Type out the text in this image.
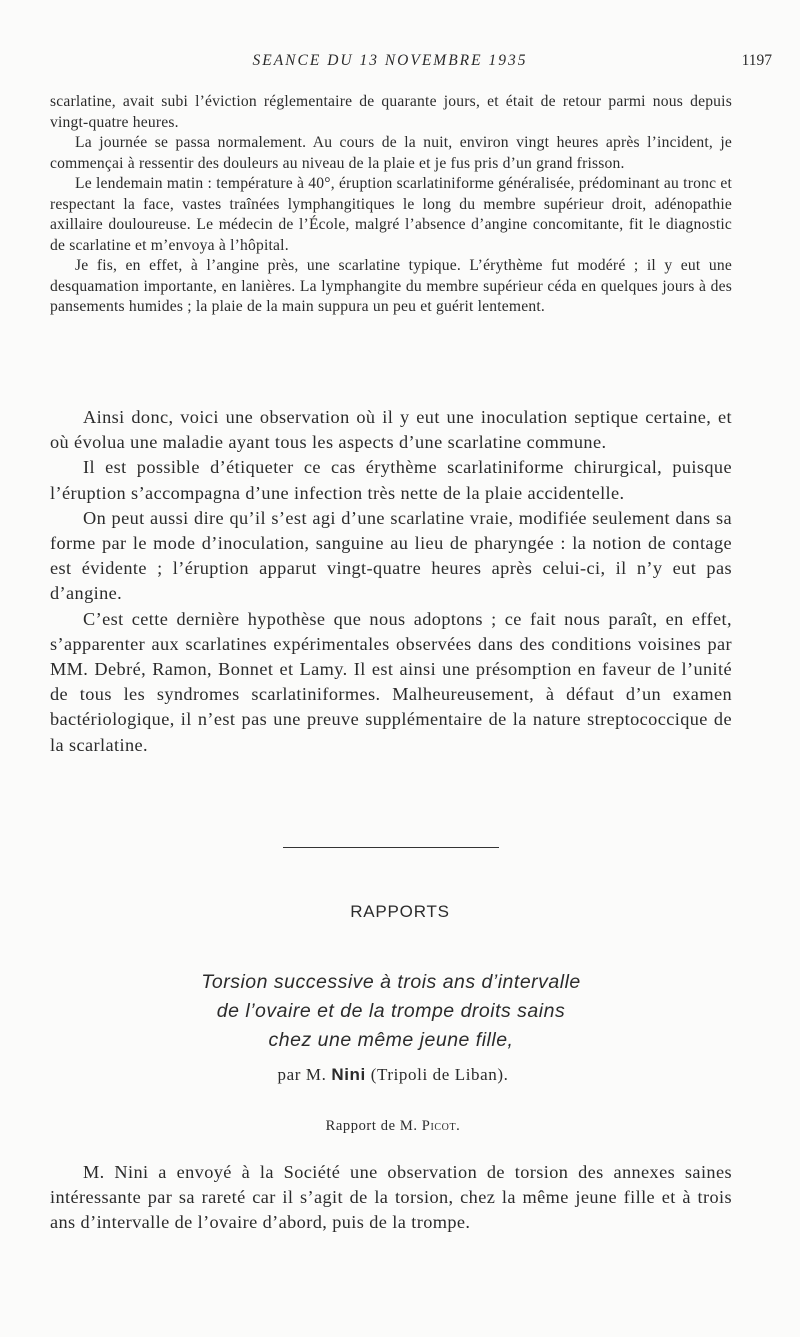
SEANCE DU 13 NOVEMBRE 1935	1197

scarlatine, avait subi l’éviction réglementaire de quarante jours, et était de retour parmi nous depuis vingt-quatre heures.

La journée se passa normalement. Au cours de la nuit, environ vingt heures après l’incident, je commençai à ressentir des douleurs au niveau de la plaie et je fus pris d’un grand frisson.

Le lendemain matin : température à 40°, éruption scarlatiniforme généralisée, prédominant au tronc et respectant la face, vastes traînées lymphangitiques le long du membre supérieur droit, adénopathie axillaire douloureuse. Le médecin de l’École, malgré l’absence d’angine concomitante, fit le diagnostic de scarlatine et m’envoya à l’hôpital.

Je fis, en effet, à l’angine près, une scarlatine typique. L’érythème fut modéré ; il y eut une desquamation importante, en lanières. La lymphangite du membre supérieur céda en quelques jours à des pansements humides ; la plaie de la main suppura un peu et guérit lentement.

Ainsi donc, voici une observation où il y eut une inoculation septique certaine, et où évolua une maladie ayant tous les aspects d’une scarlatine commune.

Il est possible d’étiqueter ce cas érythème scarlatiniforme chirurgical, puisque l’éruption s’accompagna d’une infection très nette de la plaie accidentelle.

On peut aussi dire qu’il s’est agi d’une scarlatine vraie, modifiée seulement dans sa forme par le mode d’inoculation, sanguine au lieu de pharyngée : la notion de contage est évidente ; l’éruption apparut vingt-quatre heures après celui-ci, il n’y eut pas d’angine.

C’est cette dernière hypothèse que nous adoptons ; ce fait nous paraît, en effet, s’apparenter aux scarlatines expérimentales observées dans des conditions voisines par MM. Debré, Ramon, Bonnet et Lamy. Il est ainsi une présomption en faveur de l’unité de tous les syndromes scarlatiniformes. Malheureusement, à défaut d’un examen bactériologique, il n’est pas une preuve supplémentaire de la nature streptococcique de la scarlatine.

RAPPORTS
Torsion successive à trois ans d’intervalle
de l’ovaire et de la trompe droits sains
chez une même jeune fille,
par M. Nini (Tripoli de Liban).
Rapport de M. Picot.

M. Nini a envoyé à la Société une observation de torsion des annexes saines intéressante par sa rareté car il s’agit de la torsion, chez la même jeune fille et à trois ans d’intervalle de l’ovaire d’abord, puis de la trompe.
